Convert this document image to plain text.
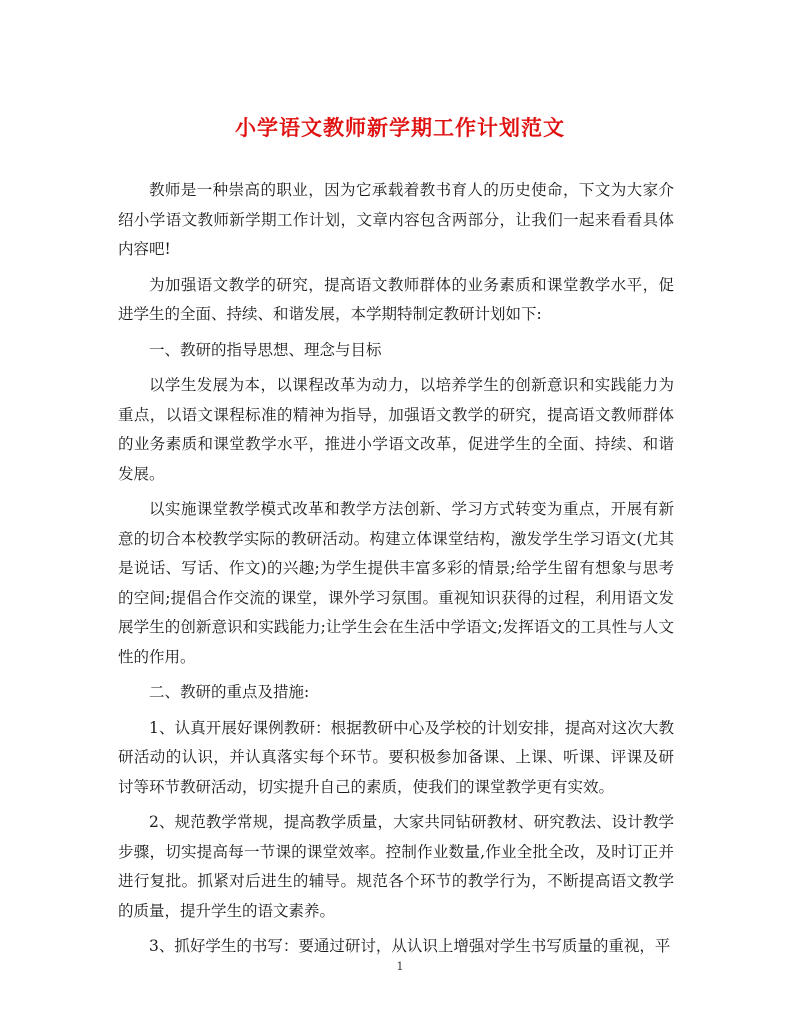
小学语文教师新学期工作计划范文

教师是一种崇高的职业，因为它承载着教书育人的历史使命，下文为大家介绍小学语文教师新学期工作计划，文章内容包含两部分，让我们一起来看看具体内容吧!

为加强语文教学的研究，提高语文教师群体的业务素质和课堂教学水平，促进学生的全面、持续、和谐发展，本学期特制定教研计划如下:

一、教研的指导思想、理念与目标

以学生发展为本，以课程改革为动力，以培养学生的创新意识和实践能力为重点，以语文课程标准的精神为指导，加强语文教学的研究，提高语文教师群体的业务素质和课堂教学水平，推进小学语文改革，促进学生的全面、持续、和谐发展。

以实施课堂教学模式改革和教学方法创新、学习方式转变为重点，开展有新意的切合本校教学实际的教研活动。构建立体课堂结构，激发学生学习语文(尤其是说话、写话、作文)的兴趣;为学生提供丰富多彩的情景;给学生留有想象与思考的空间;提倡合作交流的课堂，课外学习氛围。重视知识获得的过程，利用语文发展学生的创新意识和实践能力;让学生会在生活中学语文;发挥语文的工具性与人文性的作用。

二、教研的重点及措施:

1、认真开展好课例教研：根据教研中心及学校的计划安排，提高对这次大教研活动的认识，并认真落实每个环节。要积极参加备课、上课、听课、评课及研讨等环节教研活动，切实提升自己的素质，使我们的课堂教学更有实效。

2、规范教学常规，提高教学质量，大家共同钻研教材、研究教法、设计教学步骤，切实提高每一节课的课堂效率。控制作业数量,作业全批全改，及时订正并进行复批。抓紧对后进生的辅导。规范各个环节的教学行为，不断提高语文教学的质量，提升学生的语文素养。

3、抓好学生的书写：要通过研讨，从认识上增强对学生书写质量的重视，平

1
